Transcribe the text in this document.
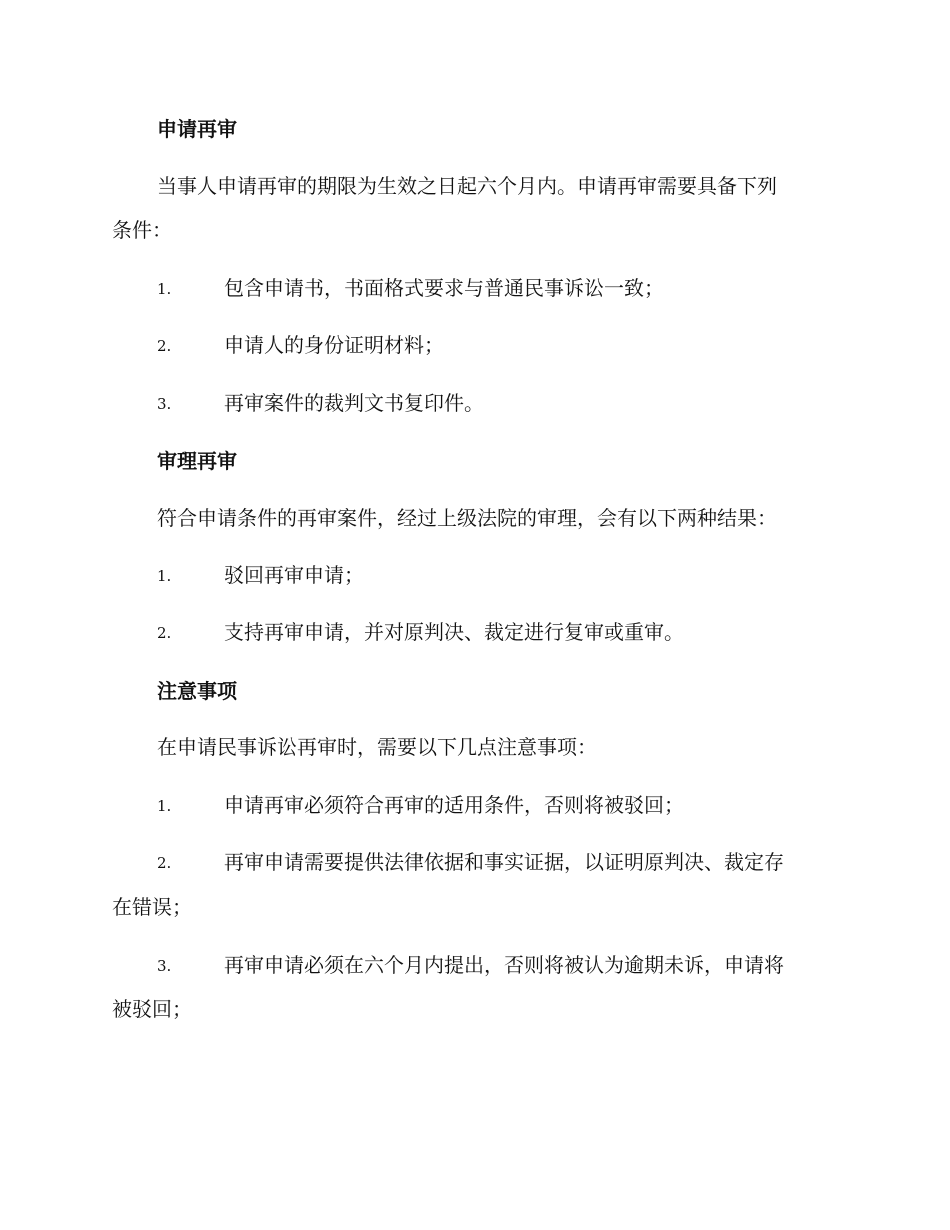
申请再审
当事人申请再审的期限为生效之日起六个月内。申请再审需要具备下列
条件：
1.	包含申请书，书面格式要求与普通民事诉讼一致；
2.	申请人的身份证明材料；
3.	再审案件的裁判文书复印件。
审理再审
符合申请条件的再审案件，经过上级法院的审理，会有以下两种结果：
1.	驳回再审申请；
2.	支持再审申请，并对原判决、裁定进行复审或重审。
注意事项
在申请民事诉讼再审时，需要以下几点注意事项：
1.	申请再审必须符合再审的适用条件，否则将被驳回；
2.	再审申请需要提供法律依据和事实证据，以证明原判决、裁定存
在错误；
3.	再审申请必须在六个月内提出，否则将被认为逾期未诉，申请将
被驳回；
